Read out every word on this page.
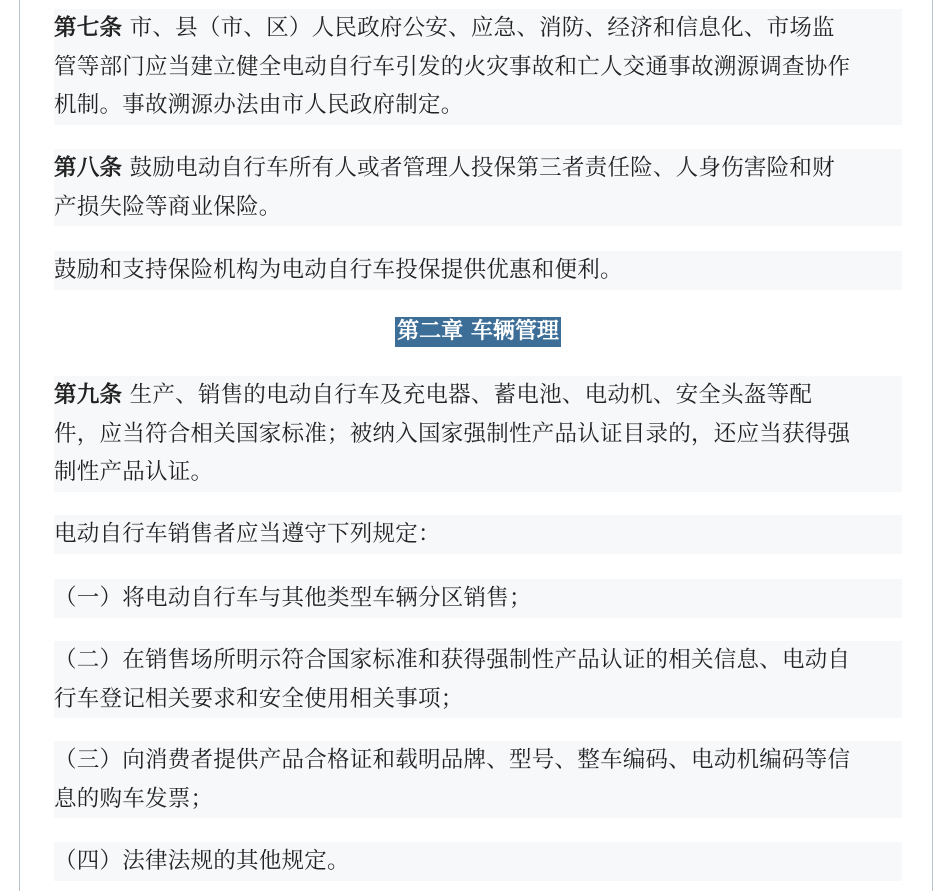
第七条 市、县（市、区）人民政府公安、应急、消防、经济和信息化、市场监

管等部门应当建立健全电动自行车引发的火灾事故和亡人交通事故溯源调查协作

机制。事故溯源办法由市人民政府制定。

第八条 鼓励电动自行车所有人或者管理人投保第三者责任险、人身伤害险和财

产损失险等商业保险。

鼓励和支持保险机构为电动自行车投保提供优惠和便利。

第二章 车辆管理

第九条 生产、销售的电动自行车及充电器、蓄电池、电动机、安全头盔等配

件，应当符合相关国家标准；被纳入国家强制性产品认证目录的，还应当获得强

制性产品认证。

电动自行车销售者应当遵守下列规定：

（一）将电动自行车与其他类型车辆分区销售；

（二）在销售场所明示符合国家标准和获得强制性产品认证的相关信息、电动自

行车登记相关要求和安全使用相关事项；

（三）向消费者提供产品合格证和载明品牌、型号、整车编码、电动机编码等信

息的购车发票；

（四）法律法规的其他规定。
